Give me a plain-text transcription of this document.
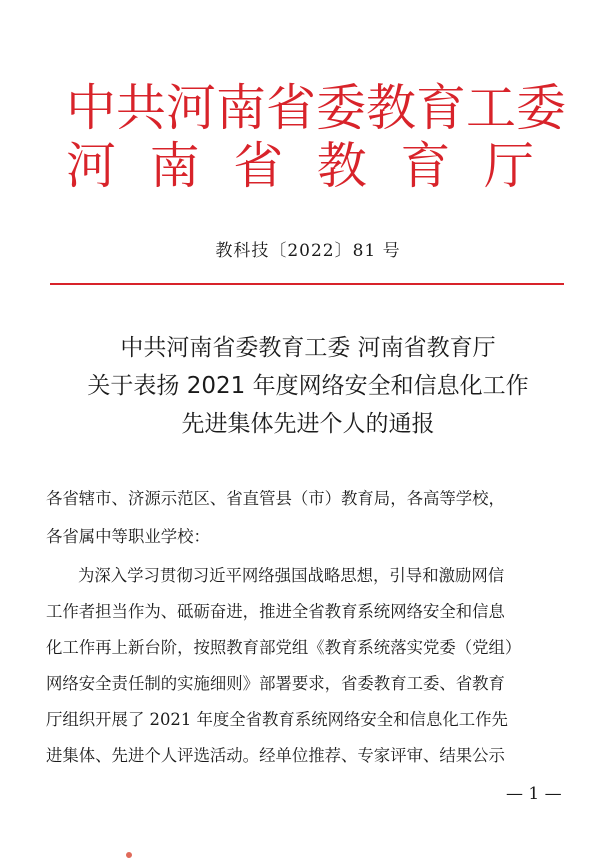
中 共 河 南 省 委 教 育 工 委
河 南 省 教 育 厅
教科技〔2022〕81 号
中共河南省委教育工委 河南省教育厅
关于表扬 2021 年度网络安全和信息化工作
先进集体先进个人的通报
各省辖市、济源示范区、省直管县（市）教育局，各高等学校，
各省属中等职业学校：
为深入学习贯彻习近平网络强国战略思想，引导和激励网信
工作者担当作为、砥砺奋进，推进全省教育系统网络安全和信息
化工作再上新台阶，按照教育部党组《教育系统落实党委（党组）
网络安全责任制的实施细则》部署要求，省委教育工委、省教育
厅组织开展了 2021 年度全省教育系统网络安全和信息化工作先
进集体、先进个人评选活动。经单位推荐、专家评审、结果公示
— 1 —
